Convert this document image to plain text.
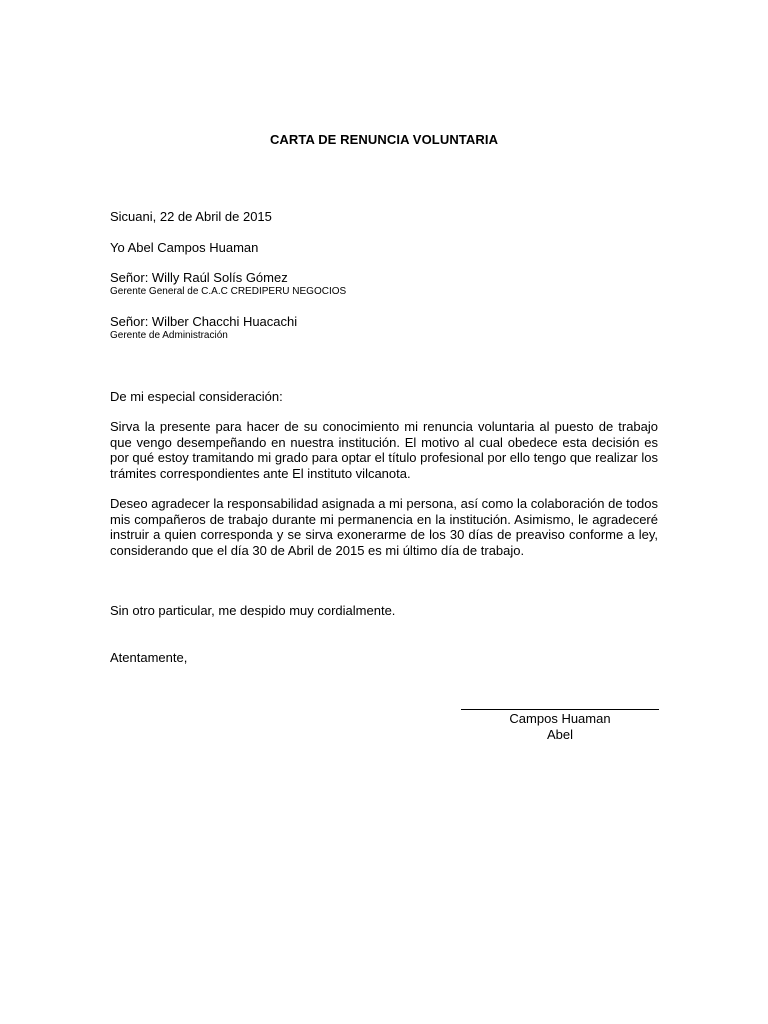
CARTA DE RENUNCIA VOLUNTARIA
Sicuani, 22 de Abril de 2015
Yo Abel Campos Huaman
Señor: Willy Raúl Solís Gómez
Gerente General de C.A.C CREDIPERU NEGOCIOS
Señor: Wilber Chacchi Huacachi
Gerente de Administración
De mi especial consideración:
Sirva la presente para hacer de su conocimiento mi renuncia voluntaria al puesto de trabajo que vengo desempeñando en nuestra institución. El motivo al cual obedece esta decisión es por qué estoy tramitando mi grado para optar el título profesional por ello tengo que realizar los trámites correspondientes ante El instituto vilcanota.
Deseo agradecer la responsabilidad asignada a mi persona, así como la colaboración de todos mis compañeros de trabajo durante mi permanencia en la institución. Asimismo, le agradeceré instruir a quien corresponda y se sirva exonerarme de los 30 días de preaviso conforme a ley, considerando que el día 30 de Abril de 2015 es mi último día de trabajo.
Sin otro particular, me despido muy cordialmente.
Atentamente,
Campos Huaman
Abel
